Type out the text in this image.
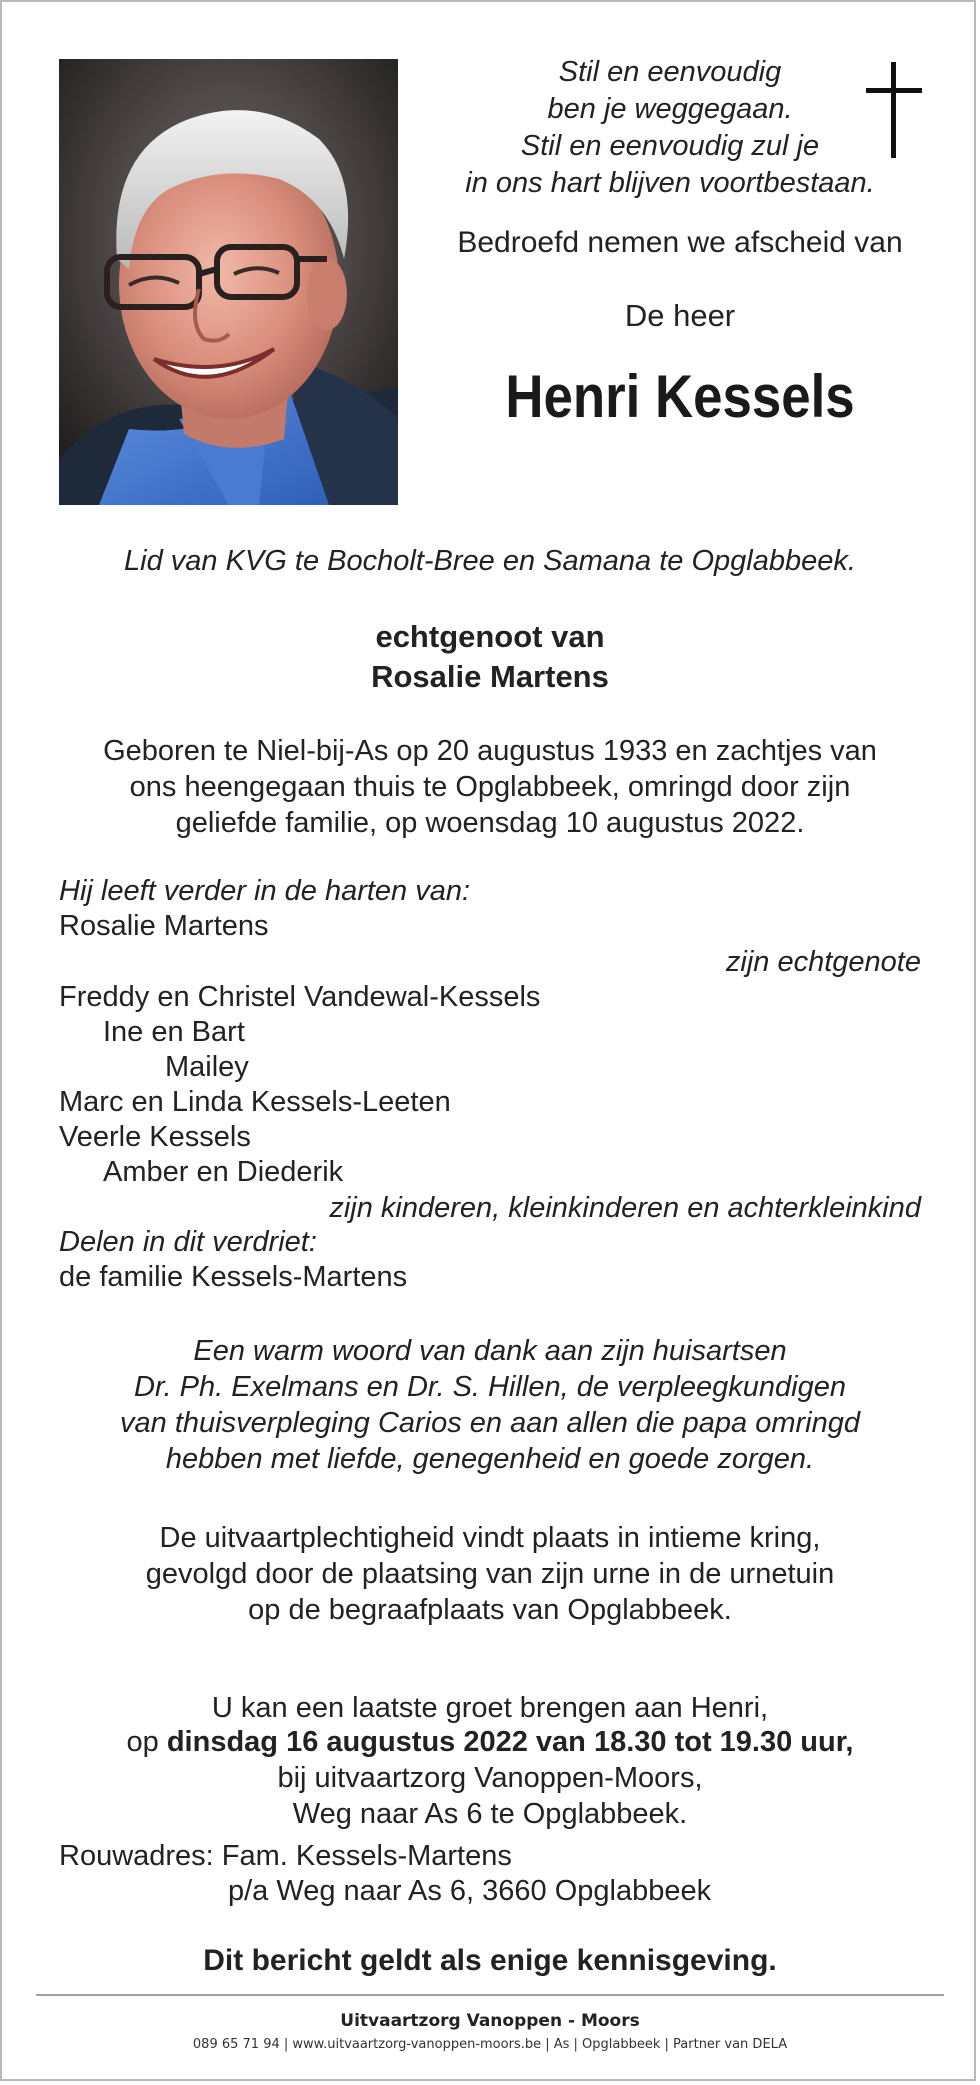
Stil en eenvoudig
ben je weggegaan.
Stil en eenvoudig zul je
in ons hart blijven voortbestaan.
Bedroefd nemen we afscheid van
De heer
Henri Kessels
Lid van KVG te Bocholt-Bree en Samana te Opglabbeek.
echtgenoot van
Rosalie Martens
Geboren te Niel-bij-As op 20 augustus 1933 en zachtjes van
ons heengegaan thuis te Opglabbeek, omringd door zijn
geliefde familie, op woensdag 10 augustus 2022.
Hij leeft verder in de harten van:
Rosalie Martens
zijn echtgenote
Freddy en Christel Vandewal-Kessels
Ine en Bart
Mailey
Marc en Linda Kessels-Leeten
Veerle Kessels
Amber en Diederik
zijn kinderen, kleinkinderen en achterkleinkind
Delen in dit verdriet:
de familie Kessels-Martens
Een warm woord van dank aan zijn huisartsen
Dr. Ph. Exelmans en Dr. S. Hillen, de verpleegkundigen
van thuisverpleging Carios en aan allen die papa omringd
hebben met liefde, genegenheid en goede zorgen.
De uitvaartplechtigheid vindt plaats in intieme kring,
gevolgd door de plaatsing van zijn urne in de urnetuin
op de begraafplaats van Opglabbeek.
U kan een laatste groet brengen aan Henri,
op dinsdag 16 augustus 2022 van 18.30 tot 19.30 uur,
bij uitvaartzorg Vanoppen-Moors,
Weg naar As 6 te Opglabbeek.
Rouwadres: Fam. Kessels-Martens
p/a Weg naar As 6, 3660 Opglabbeek
Dit bericht geldt als enige kennisgeving.
Uitvaartzorg Vanoppen - Moors
089 65 71 94 | www.uitvaartzorg-vanoppen-moors.be | As | Opglabbeek | Partner van DELA
